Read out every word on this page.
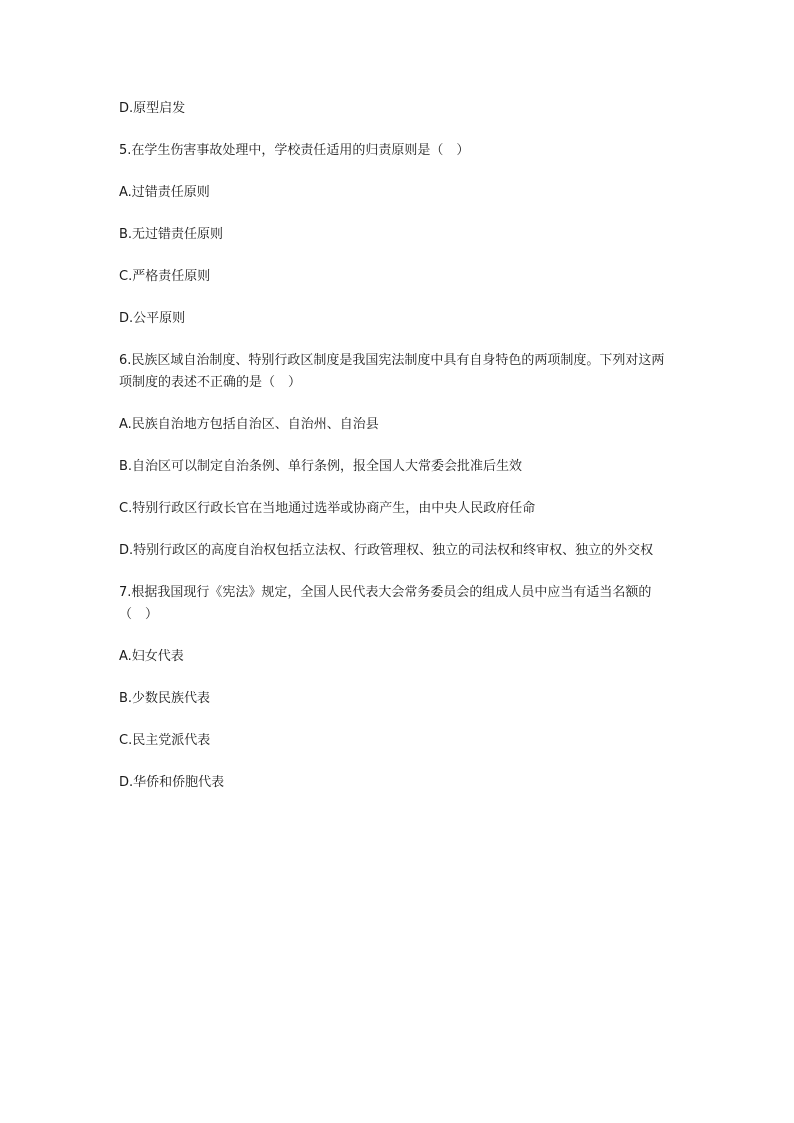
D.原型启发

5.在学生伤害事故处理中，学校责任适用的归责原则是（　）

A.过错责任原则

B.无过错责任原则

C.严格责任原则

D.公平原则

6.民族区域自治制度、特别行政区制度是我国宪法制度中具有自身特色的两项制度。下列对这两项制度的表述不正确的是（　）

A.民族自治地方包括自治区、自治州、自治县

B.自治区可以制定自治条例、单行条例，报全国人大常委会批准后生效

C.特别行政区行政长官在当地通过选举或协商产生，由中央人民政府任命

D.特别行政区的高度自治权包括立法权、行政管理权、独立的司法权和终审权、独立的外交权

7.根据我国现行《宪法》规定，全国人民代表大会常务委员会的组成人员中应当有适当名额的（　）

A.妇女代表

B.少数民族代表

C.民主党派代表

D.华侨和侨胞代表
